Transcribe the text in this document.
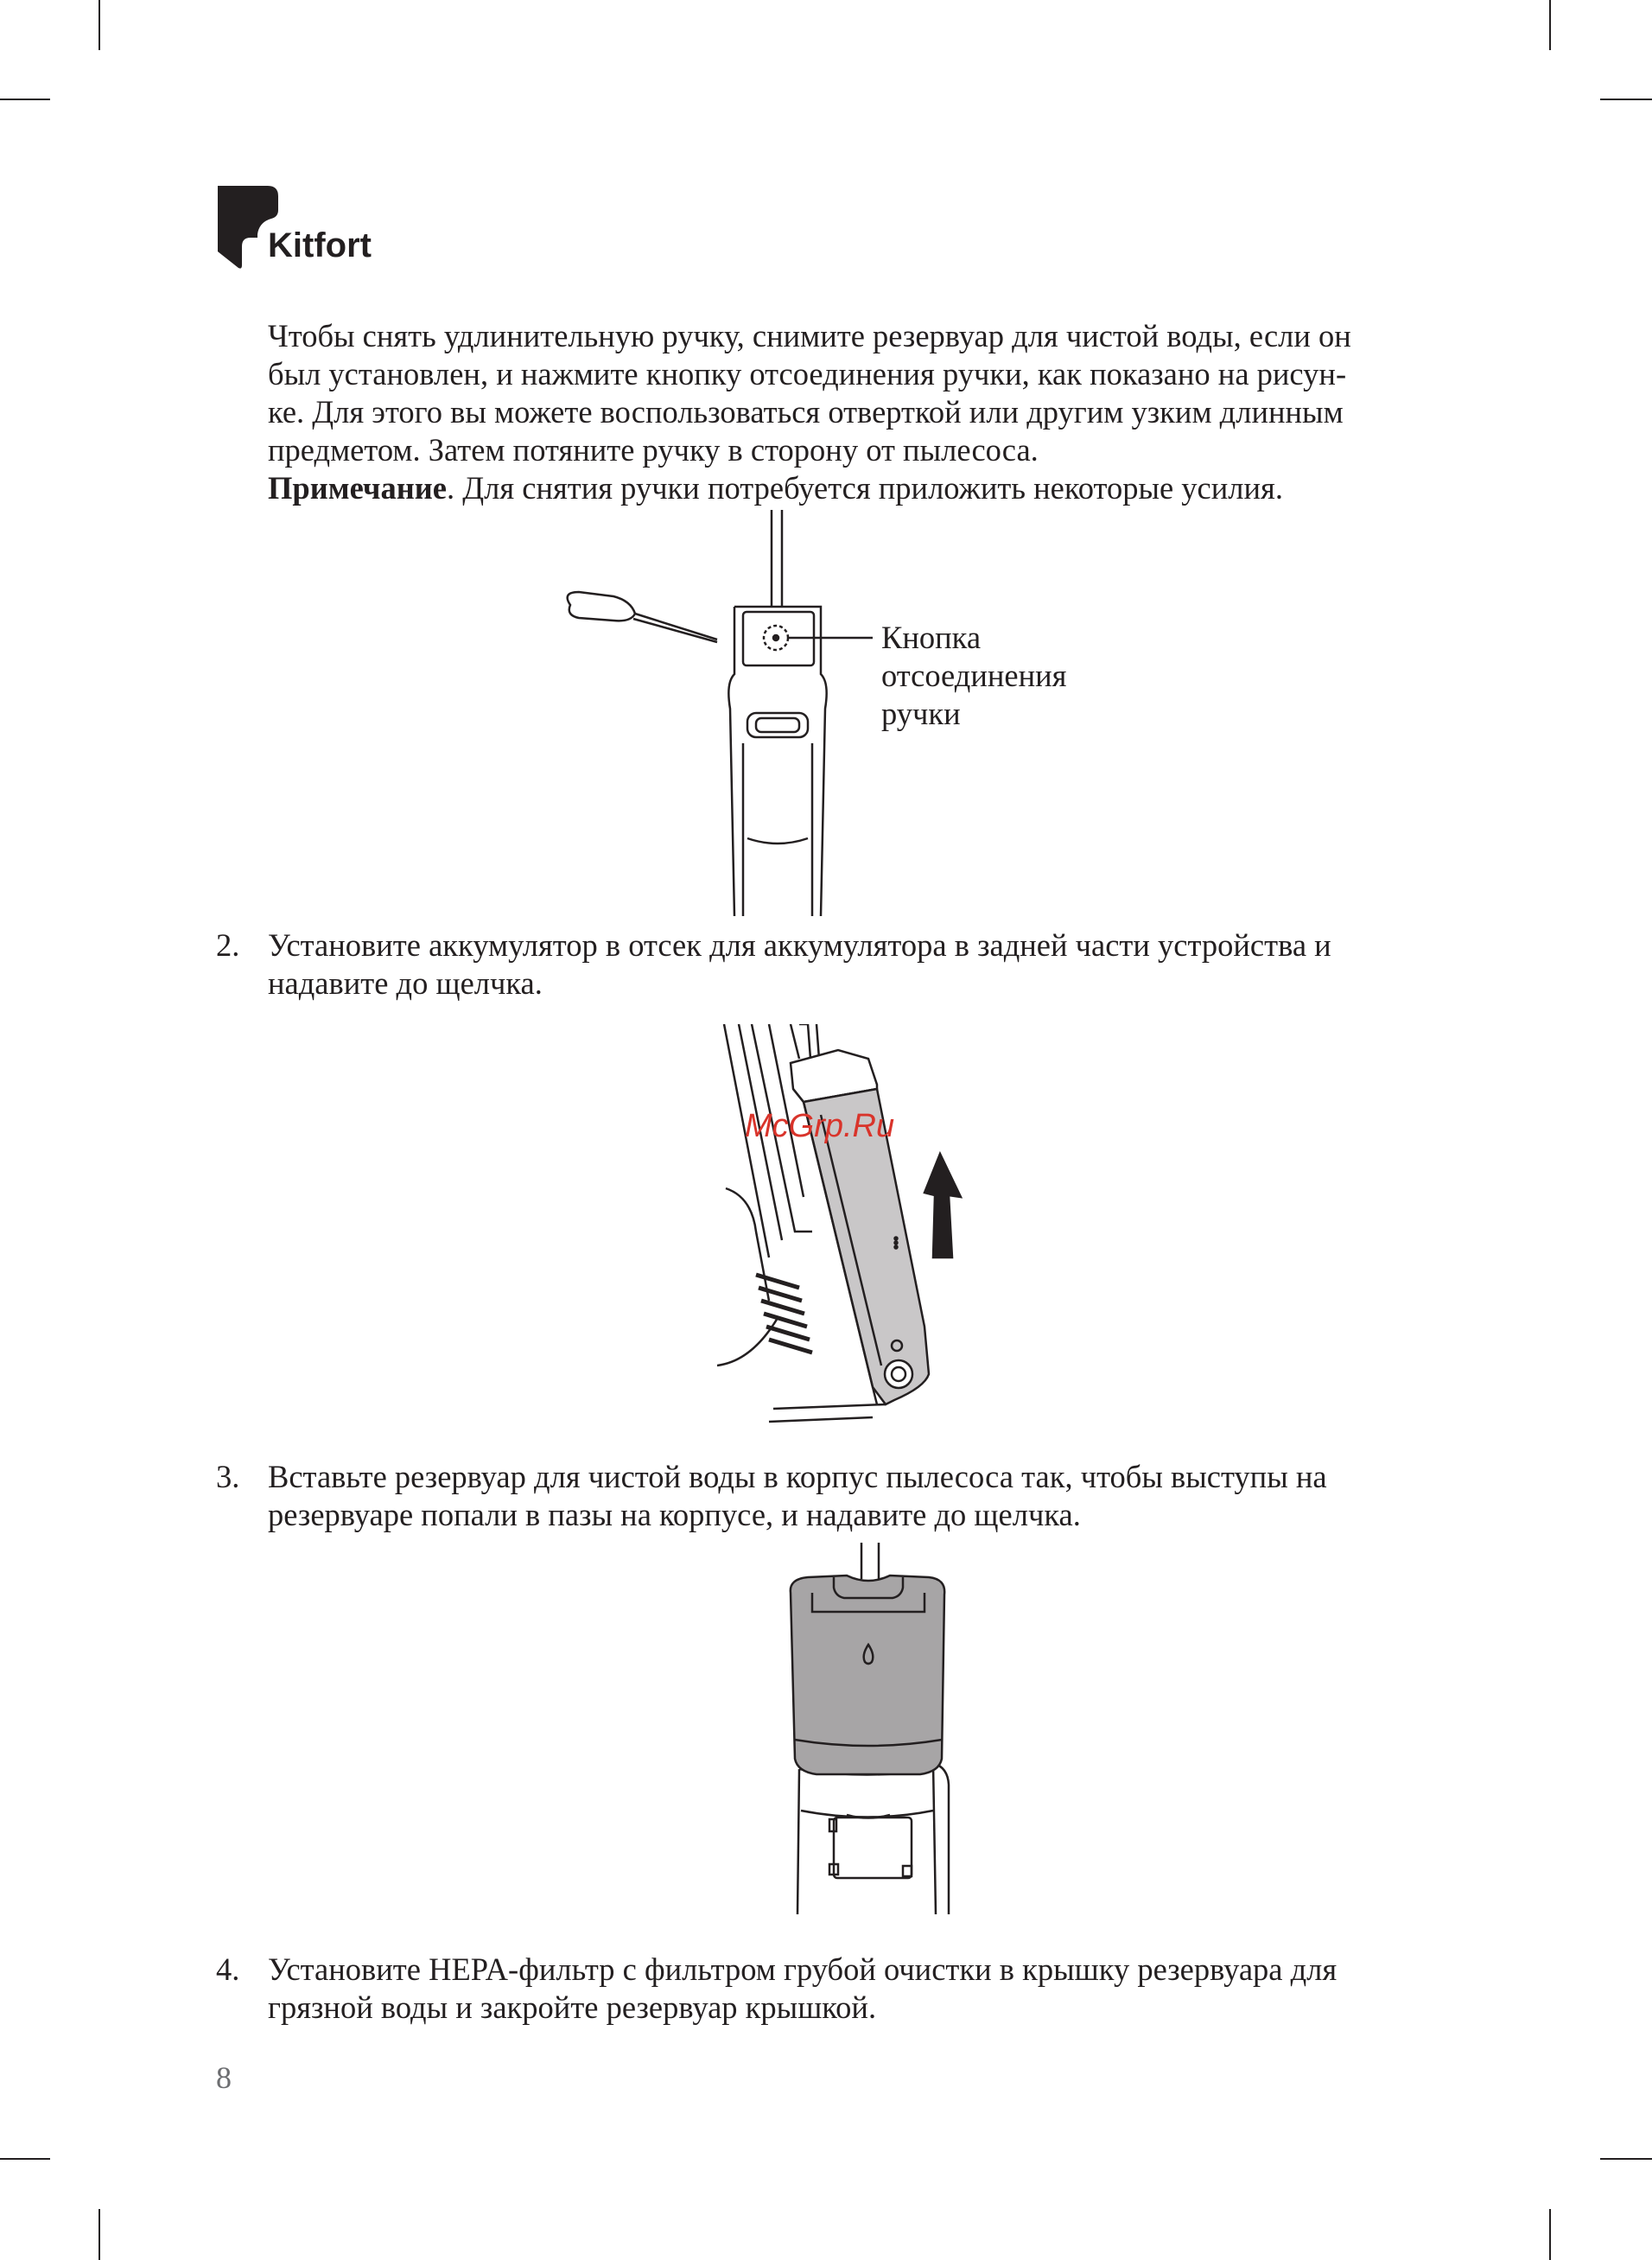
Kitfort

Чтобы снять удлинительную ручку, снимите резервуар для чистой воды, если он

был установлен, и нажмите кнопку отсоединения ручки, как показано на рисун-

ке. Для этого вы можете воспользоваться отверткой или другим узким длинным

предметом. Затем потяните ручку в сторону от пылесоса.

Примечание. Для снятия ручки потребуется приложить некоторые усилия.

Кнопка
отсоединения
ручки
2. Установите аккумулятор в отсек для аккумулятора в задней части устройства и
надавите до щелчка.
McGrp.Ru
3. Вставьте резервуар для чистой воды в корпус пылесоса так, чтобы выступы на
резервуаре попали в пазы на корпусе, и надавите до щелчка.
4. Установите HEPA-фильтр с фильтром грубой очистки в крышку резервуара для
грязной воды и закройте резервуар крышкой.
8
